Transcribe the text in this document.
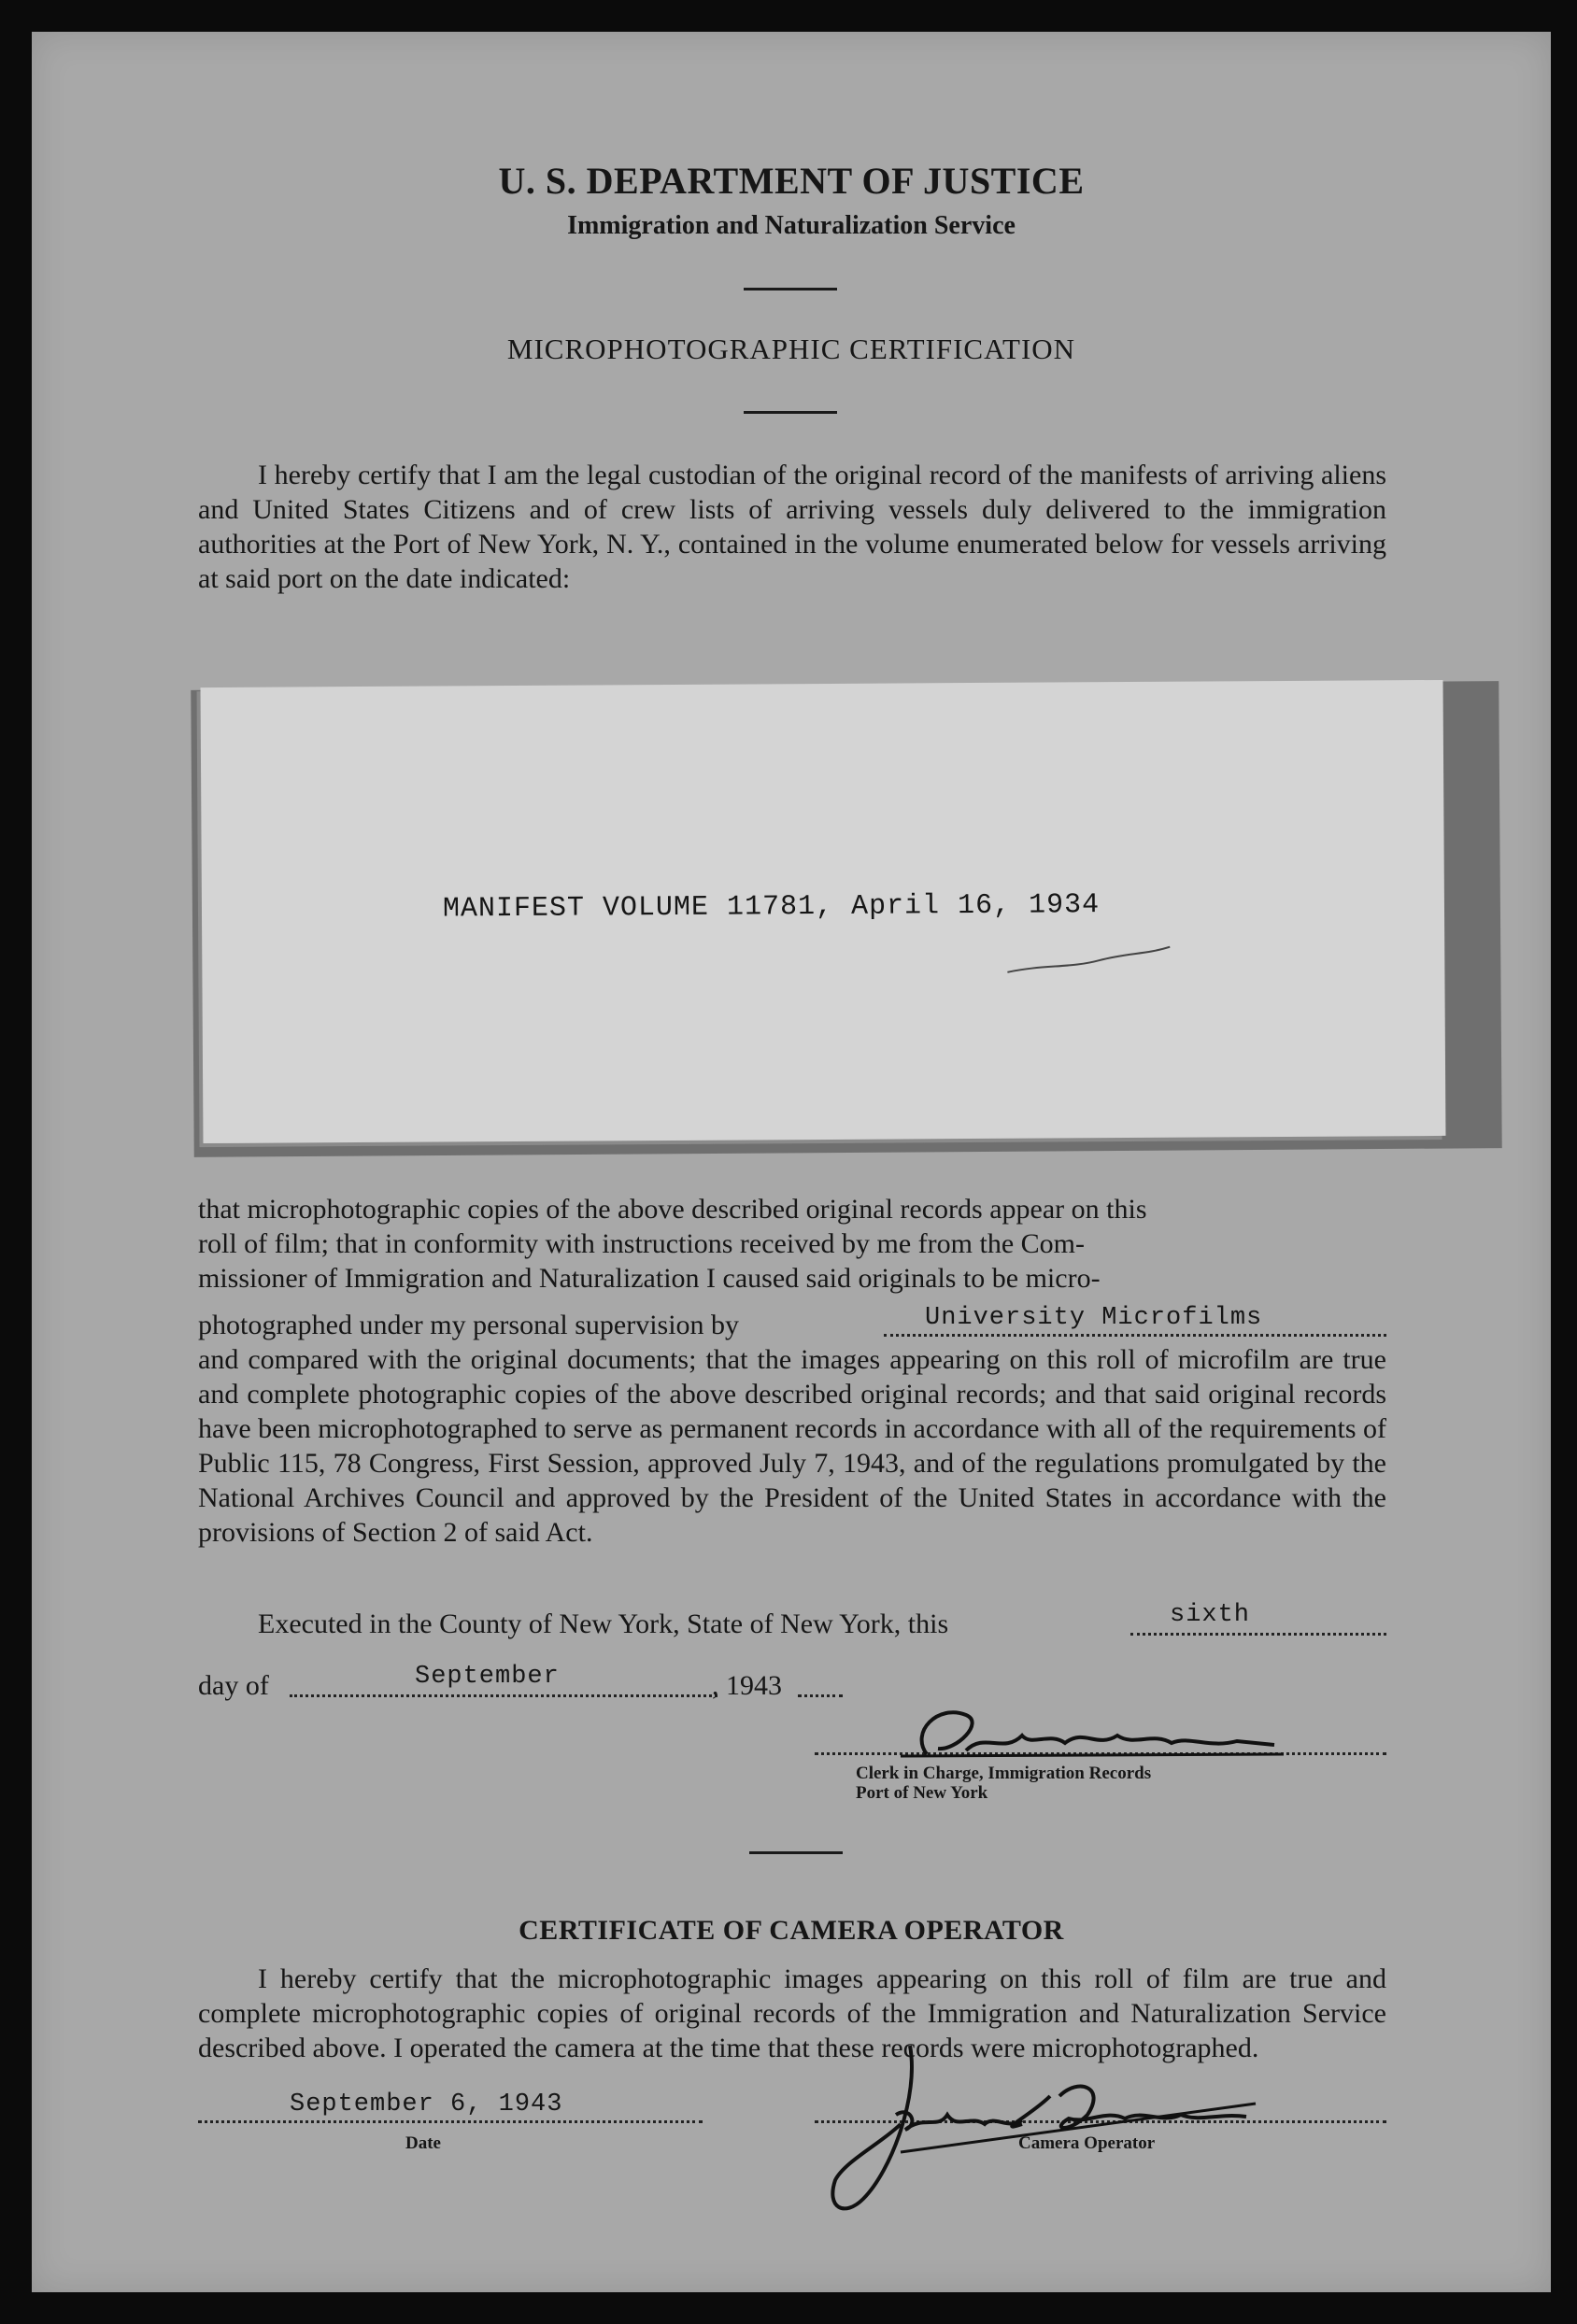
U. S. DEPARTMENT OF JUSTICE
Immigration and Naturalization Service
MICROPHOTOGRAPHIC CERTIFICATION
I hereby certify that I am the legal custodian of the original record of the manifests of arriving aliens and United States Citizens and of crew lists of arriving vessels duly delivered to the immigration authorities at the Port of New York, N. Y., contained in the volume enumerated below for vessels arriving at said port on the date indicated:
MANIFEST VOLUME 11781, April 16, 1934
that microphotographic copies of the above described original records appear on this
roll of film; that in conformity with instructions received by me from the Com-
missioner of Immigration and Naturalization I caused said originals to be micro-
photographed under my personal supervision by	University Microfilms
and compared with the original documents; that the images appearing on this roll of microfilm are true and complete photographic copies of the above described original records; and that said original records have been microphotographed to serve as permanent records in accordance with all of the requirements of Public 115, 78 Congress, First Session, approved July 7, 1943, and of the regulations promulgated by the National Archives Council and approved by the President of the United States in accordance with the provisions of Section 2 of said Act.
Executed in the County of New York, State of New York, this	sixth
day of	September	, 1943
Clerk in Charge, Immigration Records
Port of New York
CERTIFICATE OF CAMERA OPERATOR
I hereby certify that the microphotographic images appearing on this roll of film are true and complete microphotographic copies of original records of the Immigration and Naturalization Service described above. I operated the camera at the time that these records were microphotographed.
September 6, 1943
Date	Camera Operator
